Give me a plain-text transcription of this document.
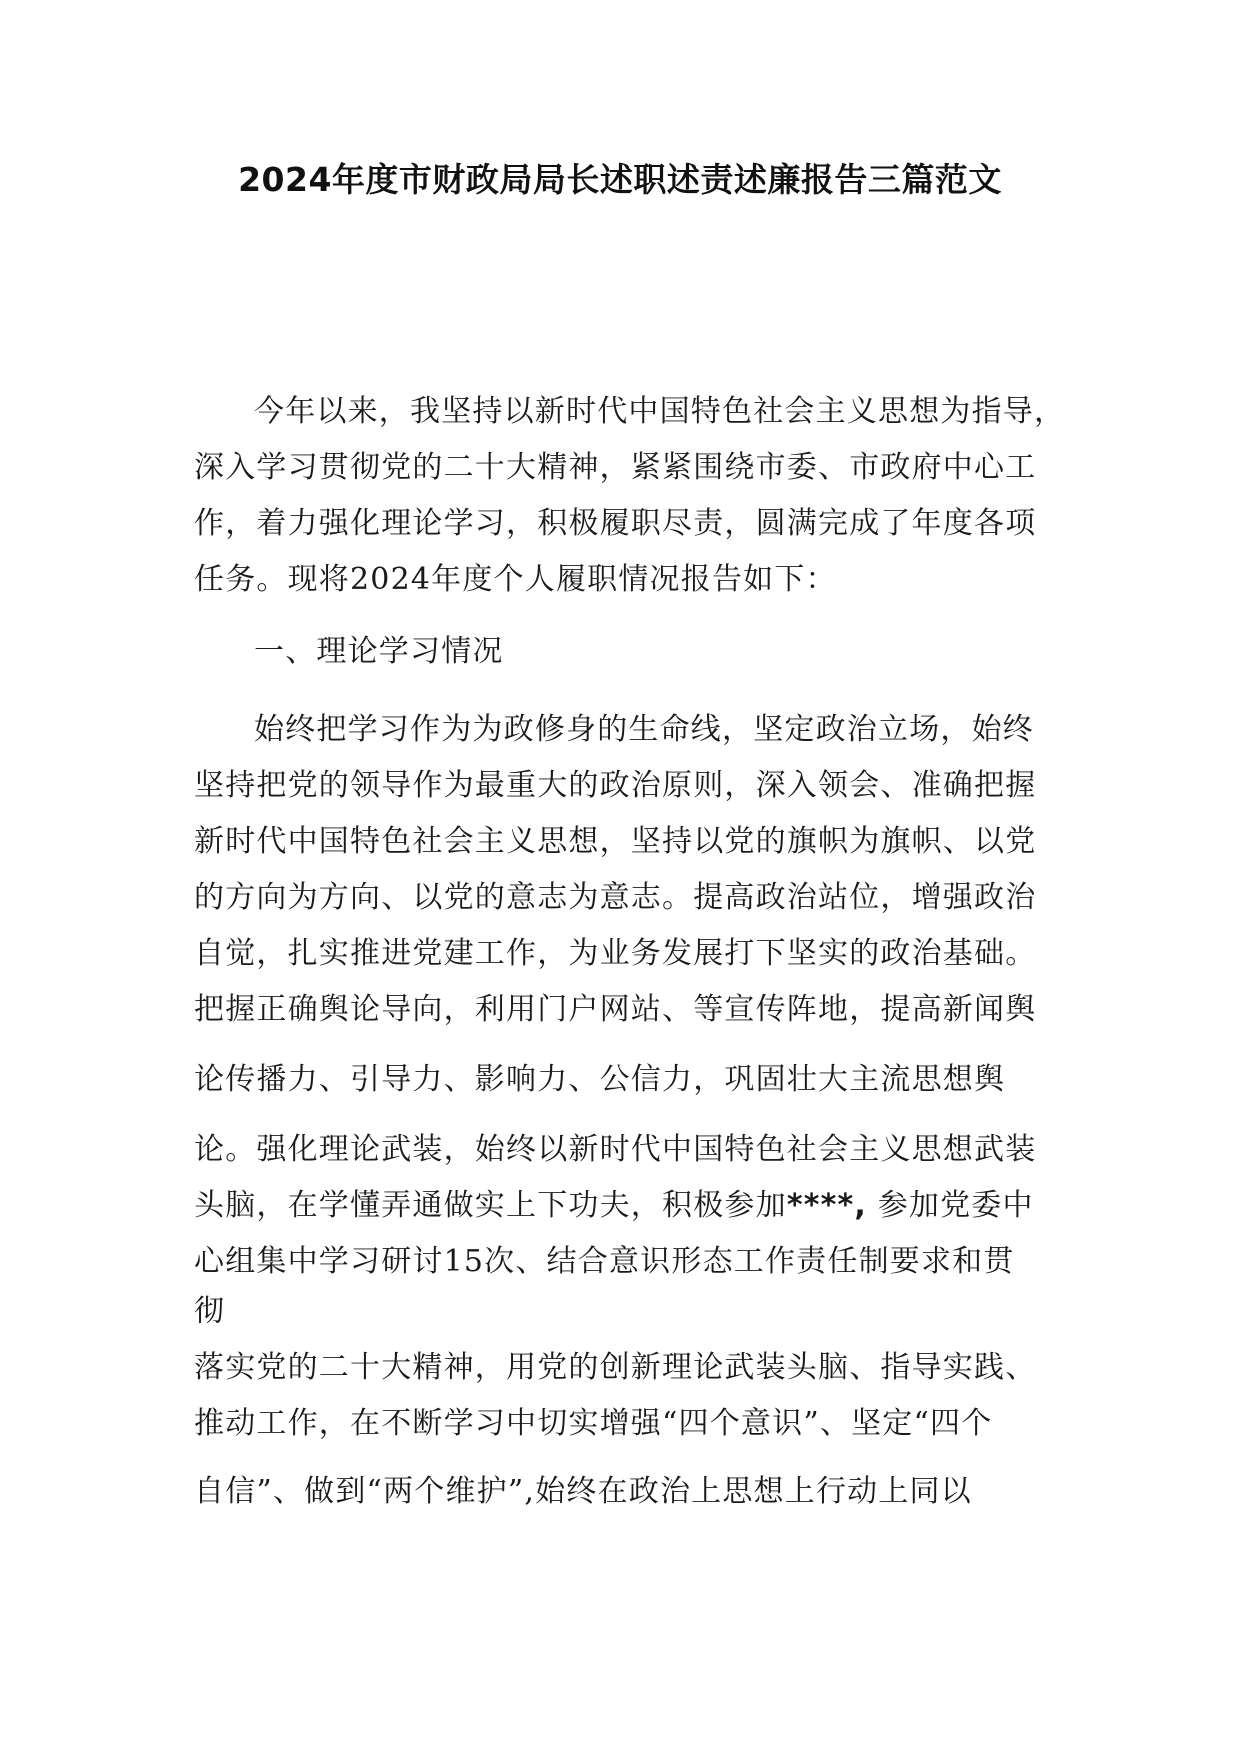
2024年度市财政局局长述职述责述廉报告三篇范文

今年以来，我坚持以新时代中国特色社会主义思想为指导，

深入学习贯彻党的二十大精神，紧紧围绕市委、市政府中心工

作，着力强化理论学习，积极履职尽责，圆满完成了年度各项

任务。现将2024年度个人履职情况报告如下：

一、理论学习情况

始终把学习作为为政修身的生命线，坚定政治立场，始终

坚持把党的领导作为最重大的政治原则，深入领会、准确把握

新时代中国特色社会主义思想，坚持以党的旗帜为旗帜、以党

的方向为方向、以党的意志为意志。提高政治站位，增强政治

自觉，扎实推进党建工作，为业务发展打下坚实的政治基础。

把握正确舆论导向，利用门户网站、等宣传阵地，提高新闻舆

论传播力、引导力、影响力、公信力，巩固壮大主流思想舆

论。强化理论武装，始终以新时代中国特色社会主义思想武装

头脑，在学懂弄通做实上下功夫，积极参加****, 参加党委中

心组集中学习研讨15次、结合意识形态工作责任制要求和贯

彻

落实党的二十大精神，用党的创新理论武装头脑、指导实践、

推动工作，在不断学习中切实增强“四个意识”、坚定“四个

自信”、做到“两个维护”,始终在政治上思想上行动上同以
